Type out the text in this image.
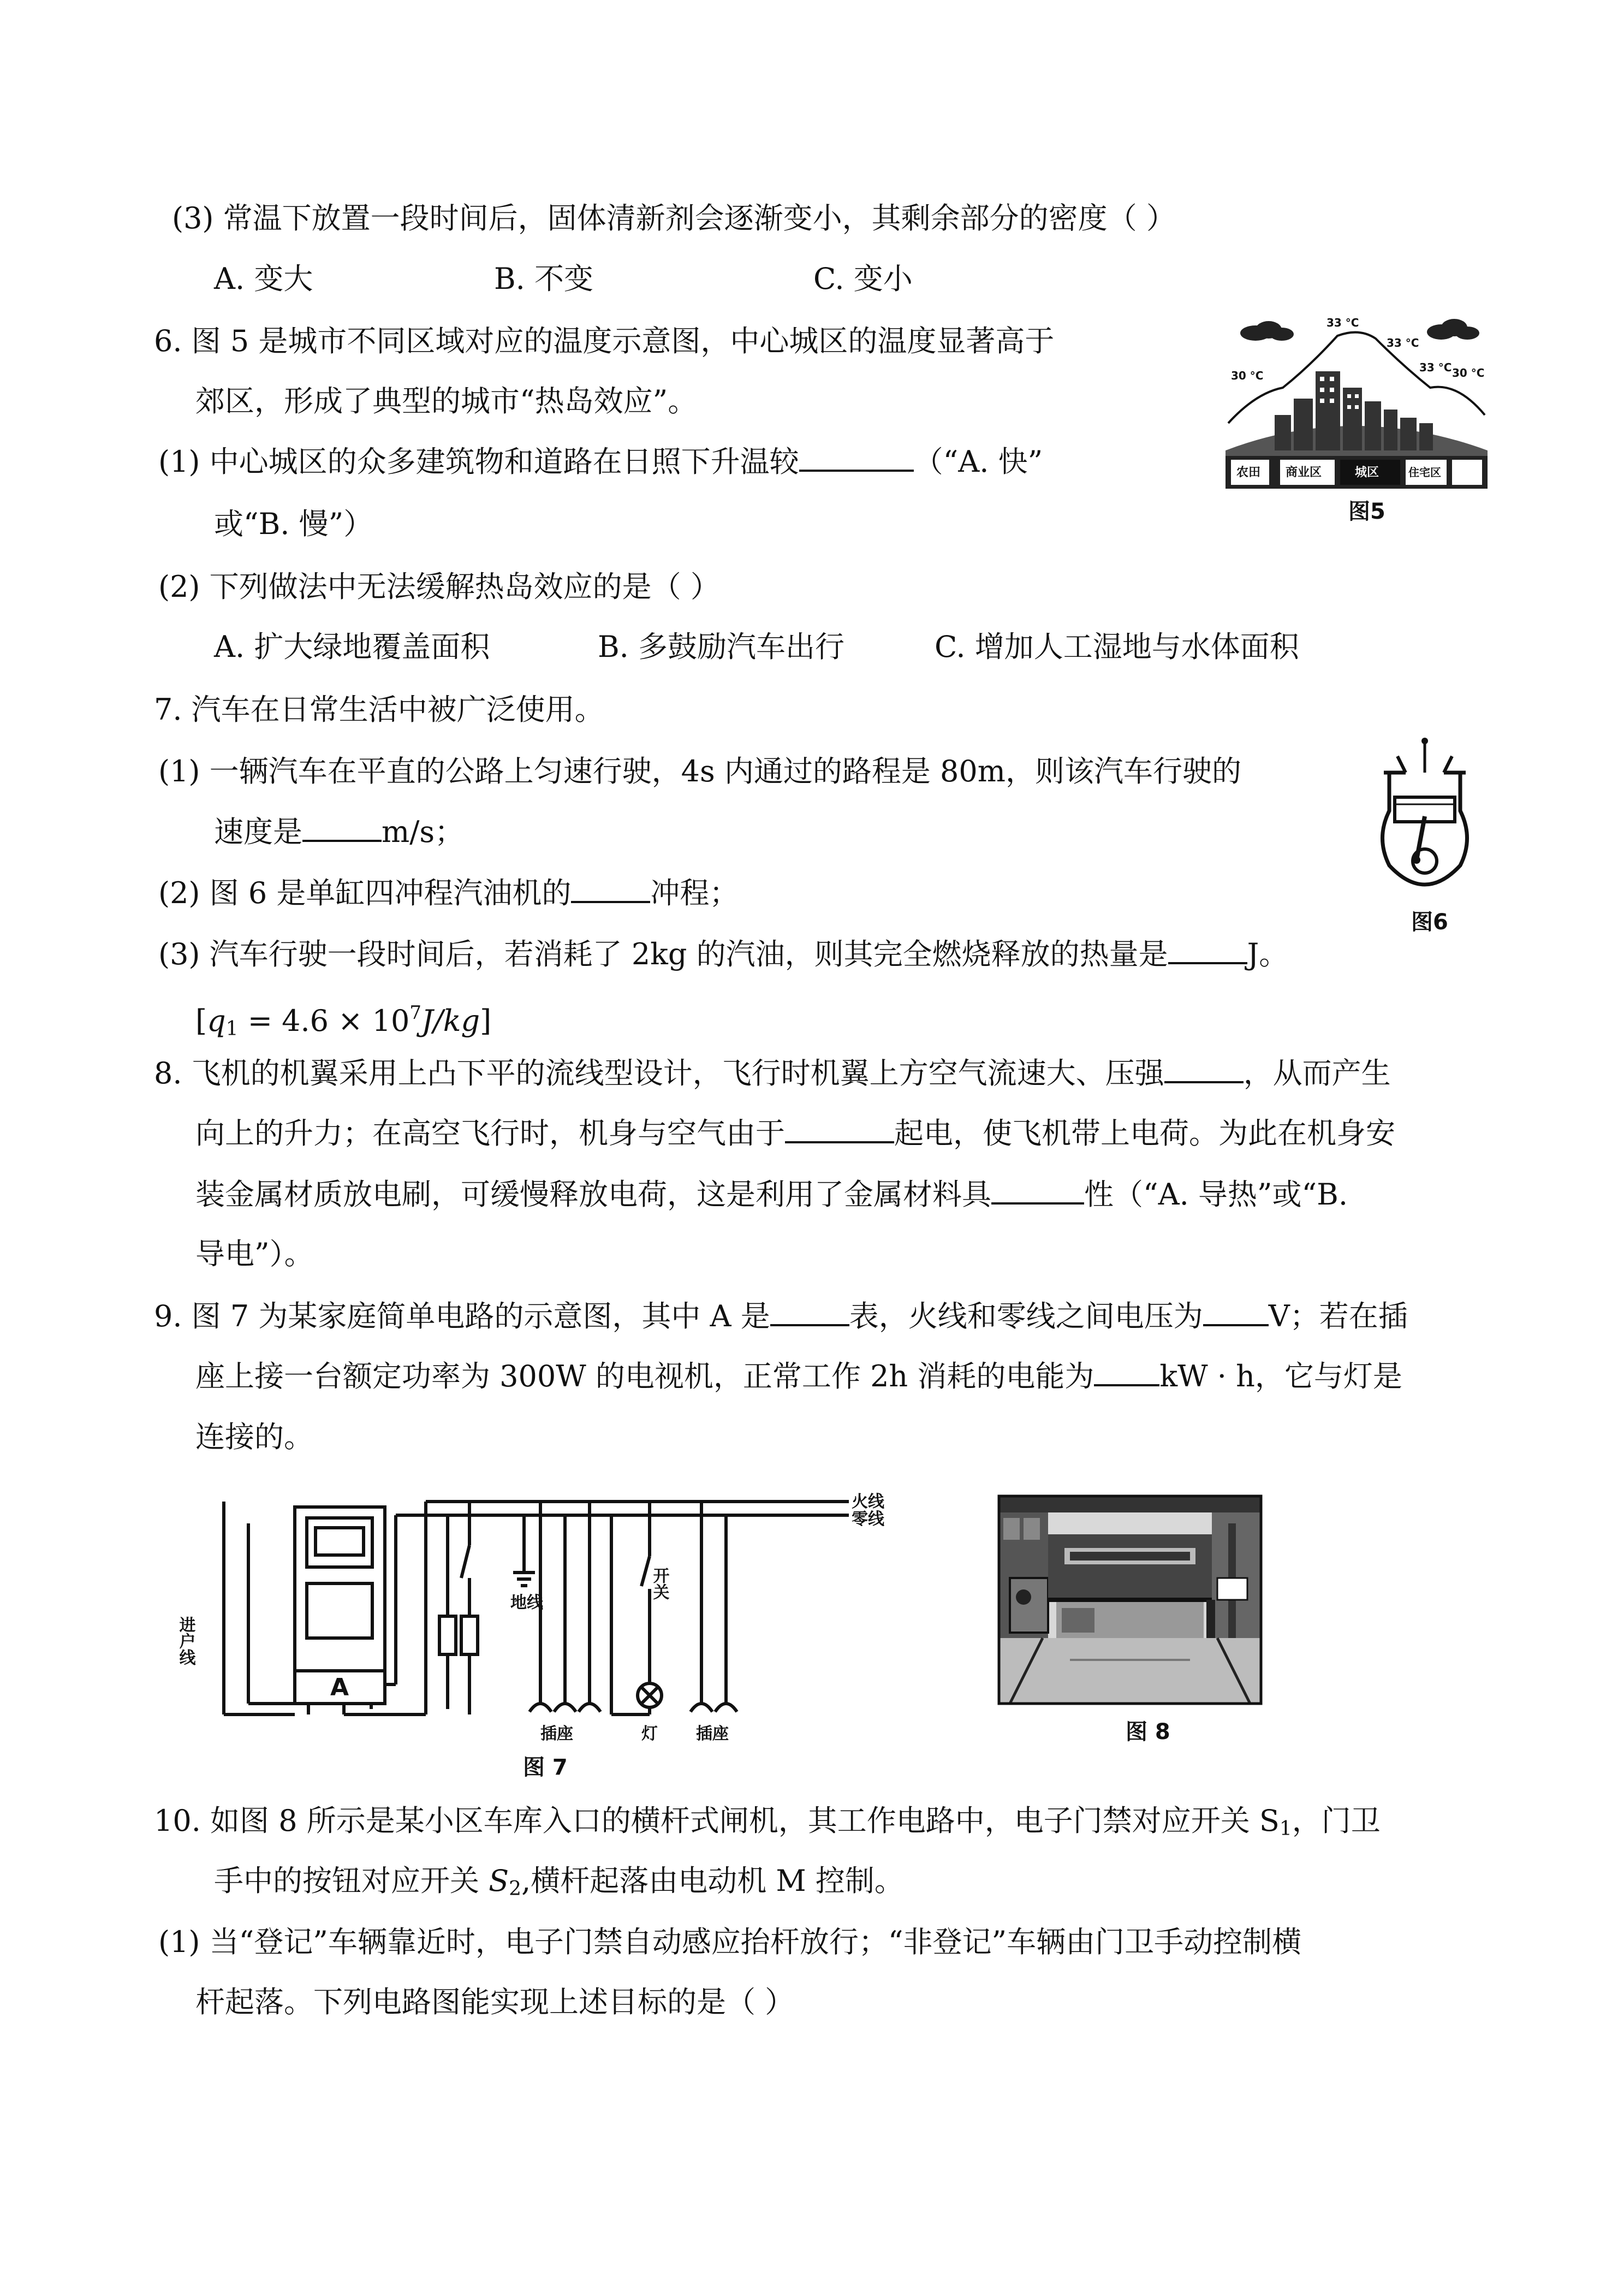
(3) 常温下放置一段时间后，固体清新剂会逐渐变小，其剩余部分的密度（ ）
A. 变大	B. 不变	C. 变小
6. 图 5 是城市不同区域对应的温度示意图，中心城区的温度显著高于
郊区，形成了典型的城市“热岛效应”。
(1) 中心城区的众多建筑物和道路在日照下升温较	（“A. 快”
或“B. 慢”）
(2) 下列做法中无法缓解热岛效应的是（ ）
A. 扩大绿地覆盖面积	B. 多鼓励汽车出行	C. 增加人工湿地与水体面积
33 °C
33 °C
33 °C
30 °C	30 °C
农田 商业区	城区	住宅区
图5
7. 汽车在日常生活中被广泛使用。
(1) 一辆汽车在平直的公路上匀速行驶，4s 内通过的路程是 80m，则该汽车行驶的
速度是	m/s；
(2) 图 6 是单缸四冲程汽油机的	冲程；
(3) 汽车行驶一段时间后，若消耗了 2kg 的汽油，则其完全燃烧释放的热量是	J。
$[q_1 = 4.6 \times 10^7J/kg]$
图6
8. 飞机的机翼采用上凸下平的流线型设计，飞行时机翼上方空气流速大、压强	，从而产生
向上的升力；在高空飞行时，机身与空气由于	起电，使飞机带上电荷。为此在机身安
装金属材质放电刷，可缓慢释放电荷，这是利用了金属材料具	性（“A. 导热”或“B.
导电”）。
9. 图 7 为某家庭简单电路的示意图，其中 A 是	表，火线和零线之间电压为 V；若在插
座上接一台额定功率为 300W 的电视机，正常工作 2h 消耗的电能为 kW · h，它与灯是
连接的。
火线
零线
进户线
A
地线
开关
插座	灯 插座
图 7
图 8
10. 如图 8 所示是某小区车库入口的横杆式闸机，其工作电路中，电子门禁对应开关 $S_1$，门卫
手中的按钮对应开关 $S_2$,横杆起落由电动机 M 控制。
(1) 当“登记”车辆靠近时，电子门禁自动感应抬杆放行；“非登记”车辆由门卫手动控制横
杆起落。下列电路图能实现上述目标的是（ ）
